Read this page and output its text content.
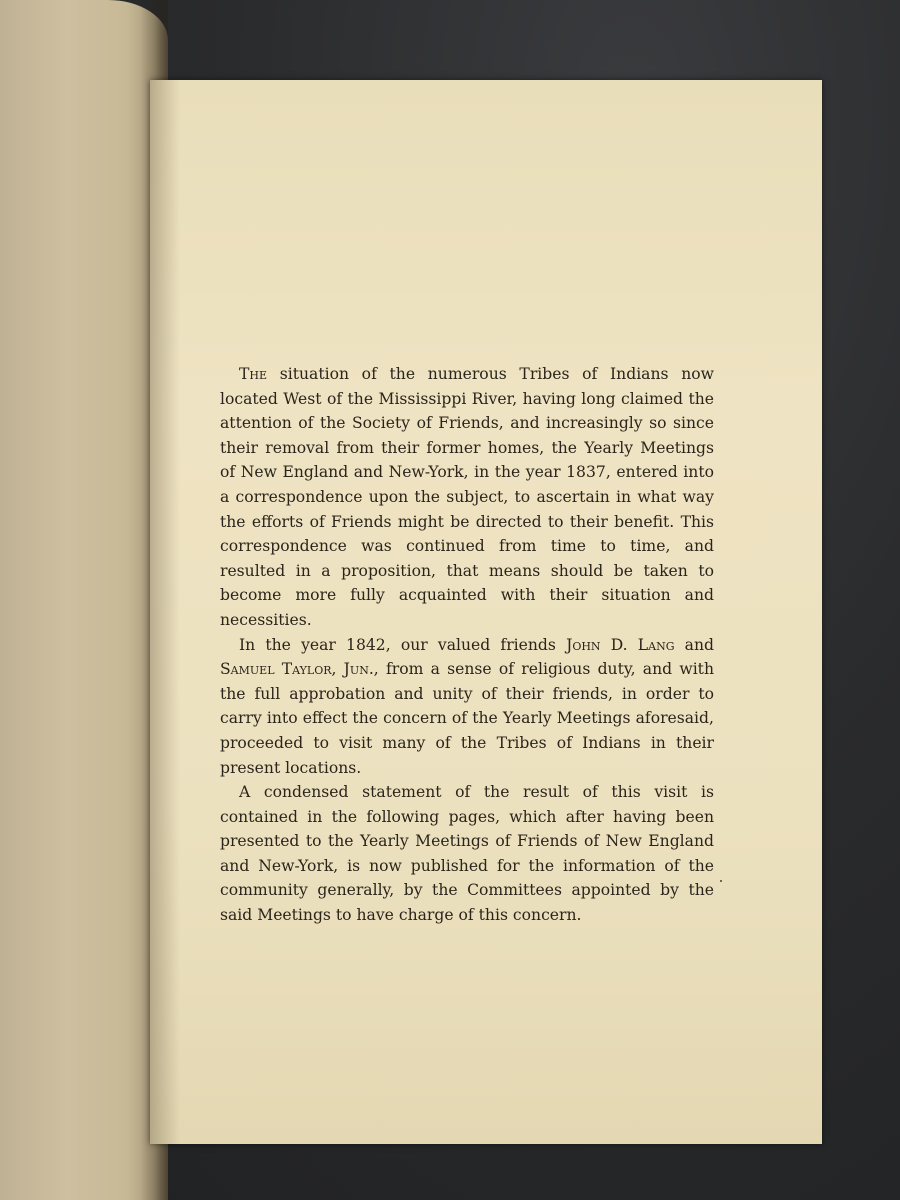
The situation of the numerous Tribes of Indians now located West of the Mississippi River, having long claimed the attention of the Society of Friends, and increasingly so since their removal from their former homes, the Yearly Meetings of New England and New-York, in the year 1837, entered into a correspondence upon the subject, to ascertain in what way the efforts of Friends might be directed to their benefit. This correspondence was continued from time to time, and resulted in a proposition, that means should be taken to become more fully acquainted with their situation and necessities.

In the year 1842, our valued friends John D. Lang and Samuel Taylor, Jun., from a sense of religious duty, and with the full approbation and unity of their friends, in order to carry into effect the concern of the Yearly Meetings aforesaid, proceeded to visit many of the Tribes of Indians in their present locations.

A condensed statement of the result of this visit is contained in the following pages, which after having been presented to the Yearly Meetings of Friends of New England and New-York, is now published for the information of the community generally, by the Committees appointed by the said Meetings to have charge of this concern.
